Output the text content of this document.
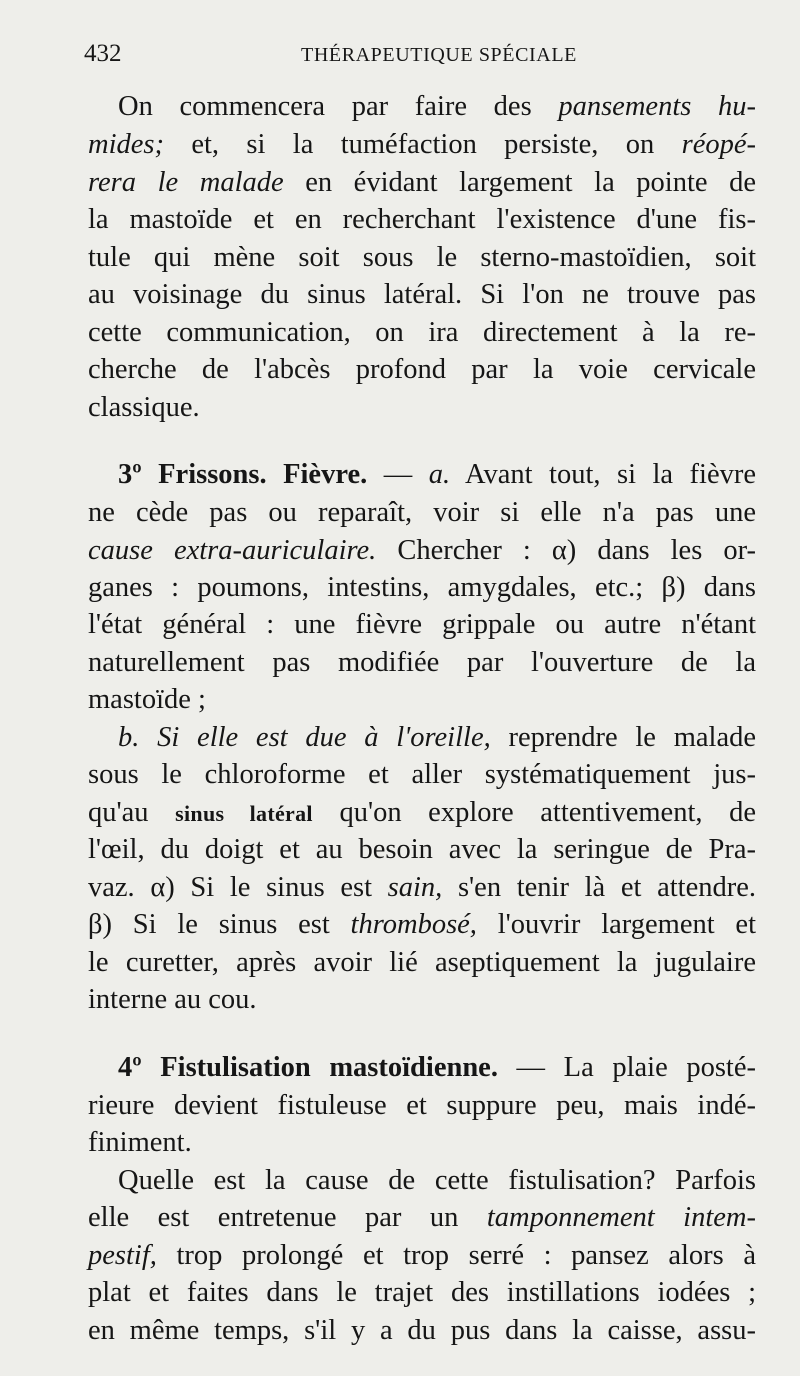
432	THÉRAPEUTIQUE SPÉCIALE
On commencera par faire des pansements hu-
mides; et, si la tuméfaction persiste, on réopé-
rera le malade en évidant largement la pointe de
la mastoïde et en recherchant l'existence d'une fis-
tule qui mène soit sous le sterno-mastoïdien, soit
au voisinage du sinus latéral. Si l'on ne trouve pas
cette communication, on ira directement à la re-
cherche de l'abcès profond par la voie cervicale
classique.
3º Frissons. Fièvre. — a. Avant tout, si la fièvre
ne cède pas ou reparaît, voir si elle n'a pas une
cause extra-auriculaire. Chercher : α) dans les or-
ganes : poumons, intestins, amygdales, etc.; β) dans
l'état général : une fièvre grippale ou autre n'étant
naturellement pas modifiée par l'ouverture de la
mastoïde ;
b. Si elle est due à l'oreille, reprendre le malade
sous le chloroforme et aller systématiquement jus-
qu'au sinus latéral qu'on explore attentivement, de
l'œil, du doigt et au besoin avec la seringue de Pra-
vaz. α) Si le sinus est sain, s'en tenir là et attendre.
β) Si le sinus est thrombosé, l'ouvrir largement et
le curetter, après avoir lié aseptiquement la jugulaire
interne au cou.
4º Fistulisation mastoïdienne. — La plaie posté-
rieure devient fistuleuse et suppure peu, mais indé-
finiment.
Quelle est la cause de cette fistulisation? Parfois
elle est entretenue par un tamponnement intem-
pestif, trop prolongé et trop serré : pansez alors à
plat et faites dans le trajet des instillations iodées ;
en même temps, s'il y a du pus dans la caisse, assu-
